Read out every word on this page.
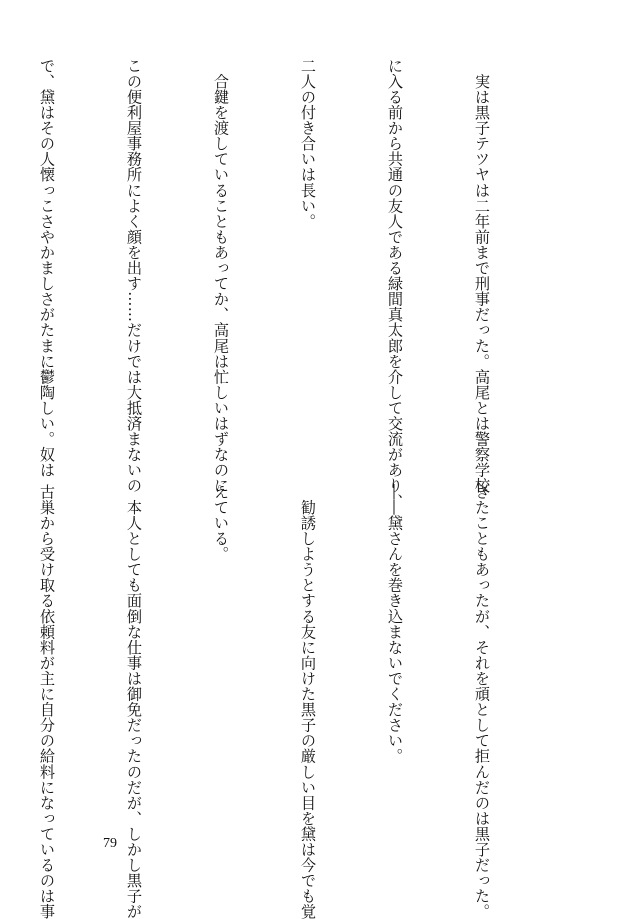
　実は黒子テツヤは二年前まで刑事だった。高尾とは警察学校

に入る前から共通の友人である緑間真太郎を介して交流があり、

二人の付き合いは長い。

　合鍵を渡していることもあってか、高尾は忙しいはずなのに

この便利屋事務所によく顔を出す……だけでは大抵済まないの

で、黛はその人懐っこさやかましさがたまに鬱陶しい。奴は

きたこともあったが、それを頑として拒んだのは黒子だった。

――黛さんを巻き込まないでください。

　勧誘しようとする友に向けた黒子の厳しい目を黛は今でも覚

えている。

　本人としても面倒な仕事は御免だったのだが、しかし黒子が

古巣から受け取る依頼料が主に自分の給料になっているのは事

	79
